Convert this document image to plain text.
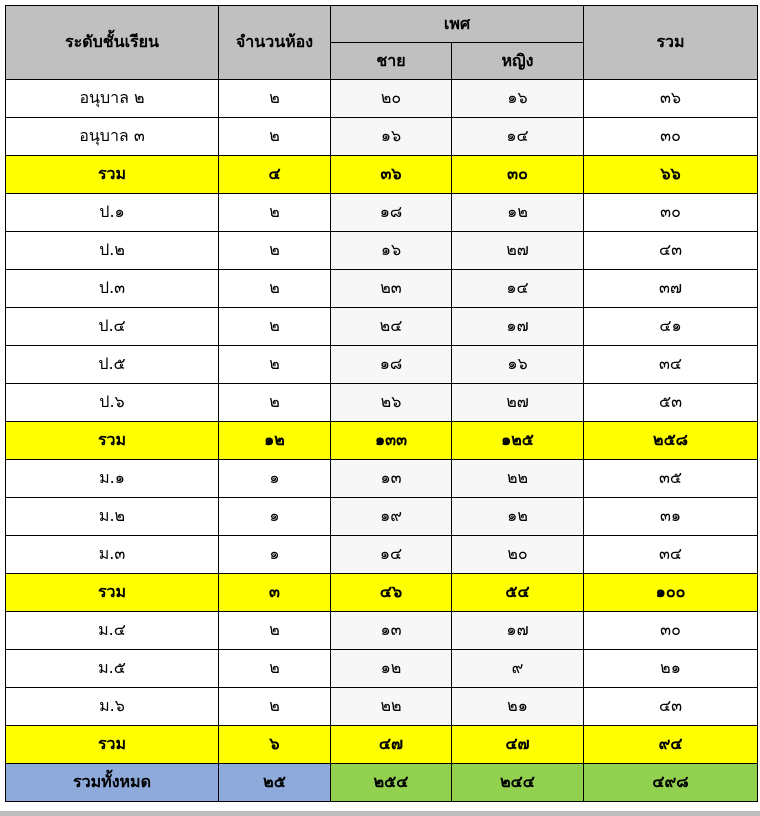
ระดับชั้นเรียน	จำนวนห้อง	เพศ		รวม
		ชาย	หญิง	
อนุบาล ๒	๒	๒๐	๑๖	๓๖
อนุบาล ๓	๒	๑๖	๑๔	๓๐
รวม	๔	๓๖	๓๐	๖๖
ป.๑	๒	๑๘	๑๒	๓๐
ป.๒	๒	๑๖	๒๗	๔๓
ป.๓	๒	๒๓	๑๔	๓๗
ป.๔	๒	๒๔	๑๗	๔๑
ป.๕	๒	๑๘	๑๖	๓๔
ป.๖	๒	๒๖	๒๗	๕๓
รวม	๑๒	๑๓๓	๑๒๕	๒๕๘
ม.๑	๑	๑๓	๒๒	๓๕
ม.๒	๑	๑๙	๑๒	๓๑
ม.๓	๑	๑๔	๒๐	๓๔
รวม	๓	๔๖	๕๔	๑๐๐
ม.๔	๒	๑๓	๑๗	๓๐
ม.๕	๒	๑๒	๙	๒๑
ม.๖	๒	๒๒	๒๑	๔๓
รวม	๖	๔๗	๔๗	๙๔
รวมทั้งหมด	๒๕	๒๕๔	๒๔๔	๔๙๘
